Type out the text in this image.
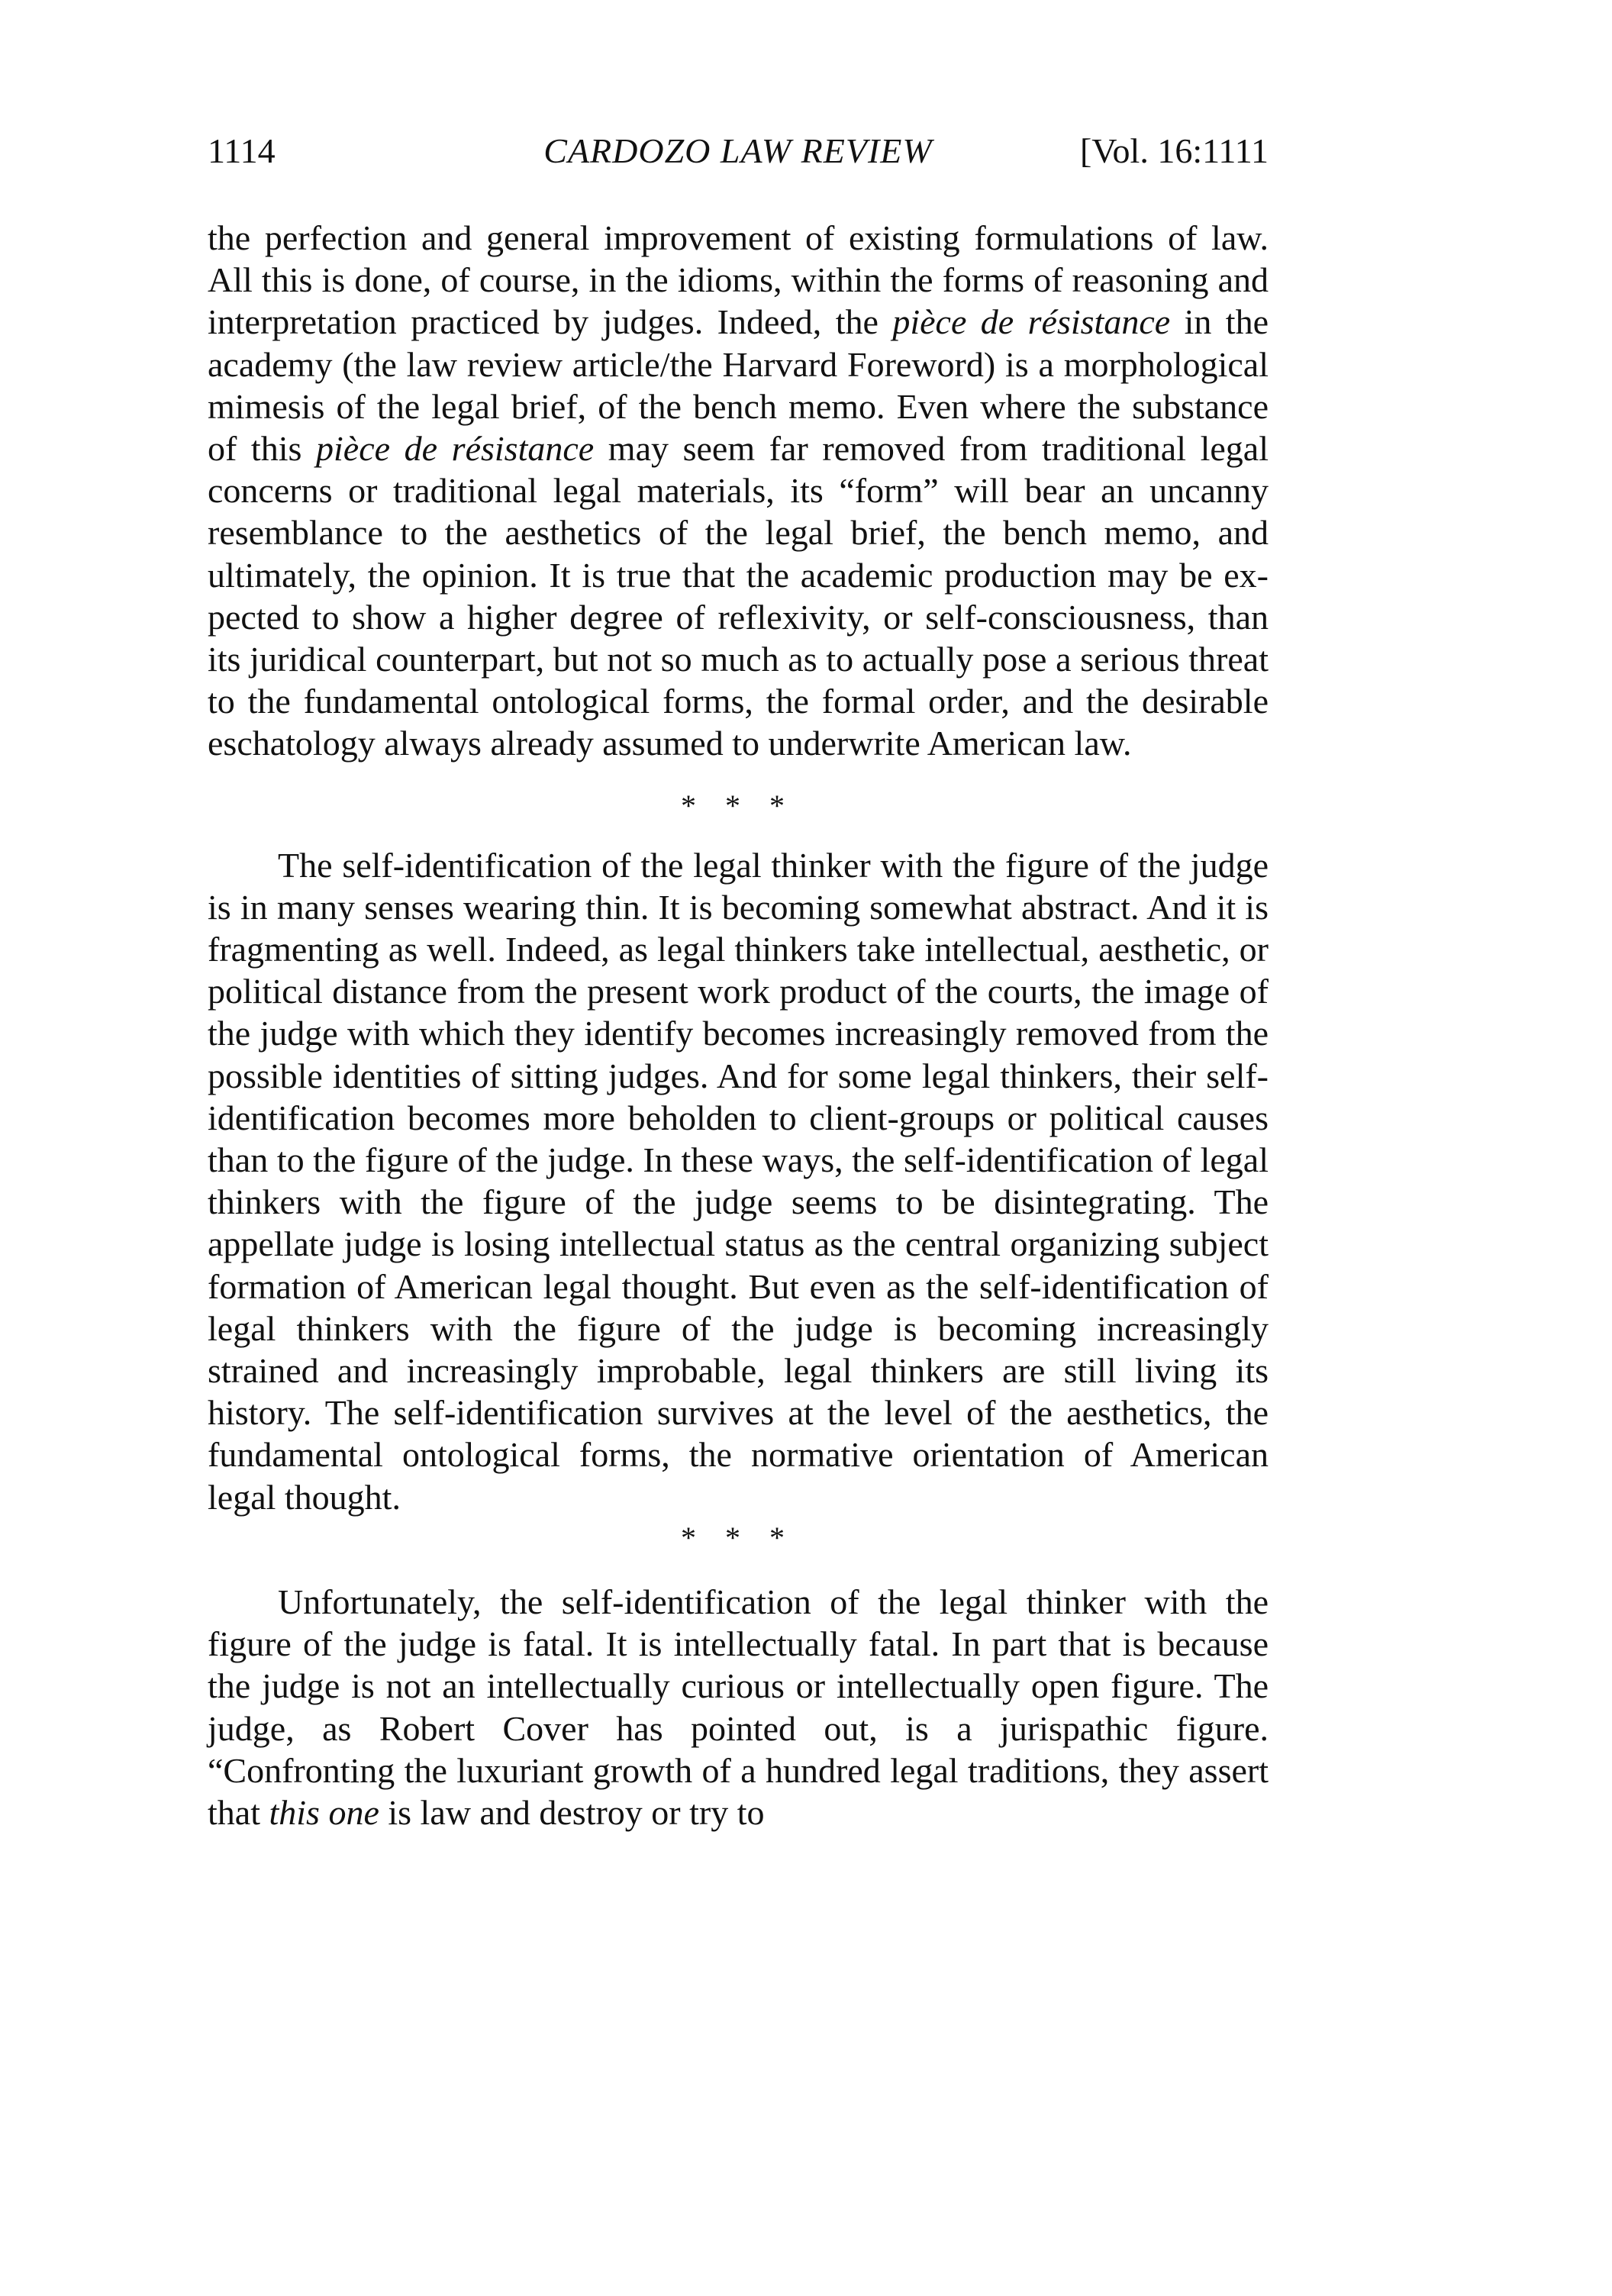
1114	CARDOZO LAW REVIEW	[Vol. 16:1111

the perfection and general improvement of existing formulations of law. All this is done, of course, in the idioms, within the forms of reasoning and interpretation practiced by judges. Indeed, the pièce de résistance in the academy (the law review article/the Harvard Foreword) is a morphological mimesis of the legal brief, of the bench memo. Even where the substance of this pièce de résistance may seem far removed from traditional legal concerns or traditional legal materials, its “form” will bear an uncanny resemblance to the aesthetics of the legal brief, the bench memo, and ultimately, the opinion. It is true that the academic production may be expected to show a higher degree of reflexivity, or self-consciousness, than its juridical counterpart, but not so much as to actually pose a serious threat to the fundamental ontological forms, the formal order, and the desirable eschatology always already assumed to underwrite American law.

* * *

The self-identification of the legal thinker with the figure of the judge is in many senses wearing thin. It is becoming somewhat abstract. And it is fragmenting as well. Indeed, as legal thinkers take intellectual, aesthetic, or political distance from the present work product of the courts, the image of the judge with which they identify becomes increasingly removed from the possible identities of sitting judges. And for some legal thinkers, their self-identification becomes more beholden to client-groups or political causes than to the figure of the judge. In these ways, the self-identification of legal thinkers with the figure of the judge seems to be disintegrating. The appellate judge is losing intellectual status as the central organizing subject formation of American legal thought. But even as the self-identification of legal thinkers with the figure of the judge is becoming increasingly strained and increasingly improbable, legal thinkers are still living its history. The self-identification survives at the level of the aesthetics, the fundamental ontological forms, the normative orientation of American legal thought.

* * *

Unfortunately, the self-identification of the legal thinker with the figure of the judge is fatal. It is intellectually fatal. In part that is because the judge is not an intellectually curious or intellectually open figure. The judge, as Robert Cover has pointed out, is a jurispathic figure. “Confronting the luxuriant growth of a hundred legal traditions, they assert that this one is law and destroy or try to
